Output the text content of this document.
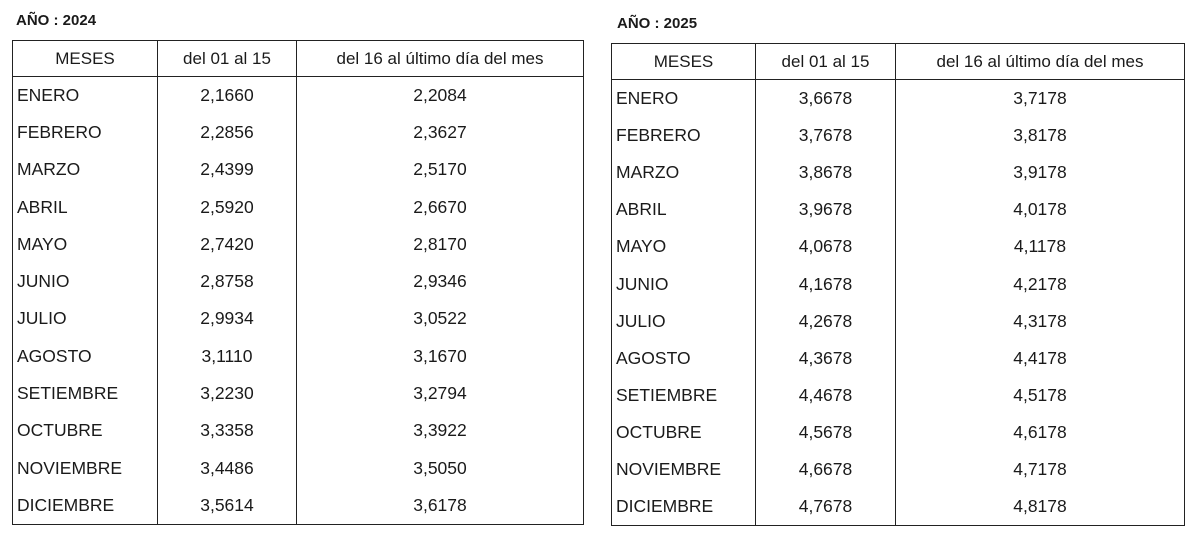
AÑO : 2024
MESES	del 01 al 15	del 16 al último día del mes
ENERO	2,1660	2,2084
FEBRERO	2,2856	2,3627
MARZO	2,4399	2,5170
ABRIL	2,5920	2,6670
MAYO	2,7420	2,8170
JUNIO	2,8758	2,9346
JULIO	2,9934	3,0522
AGOSTO	3,1110	3,1670
SETIEMBRE	3,2230	3,2794
OCTUBRE	3,3358	3,3922
NOVIEMBRE	3,4486	3,5050
DICIEMBRE	3,5614	3,6178
AÑO : 2025
MESES	del 01 al 15	del 16 al último día del mes
ENERO	3,6678	3,7178
FEBRERO	3,7678	3,8178
MARZO	3,8678	3,9178
ABRIL	3,9678	4,0178
MAYO	4,0678	4,1178
JUNIO	4,1678	4,2178
JULIO	4,2678	4,3178
AGOSTO	4,3678	4,4178
SETIEMBRE	4,4678	4,5178
OCTUBRE	4,5678	4,6178
NOVIEMBRE	4,6678	4,7178
DICIEMBRE	4,7678	4,8178
